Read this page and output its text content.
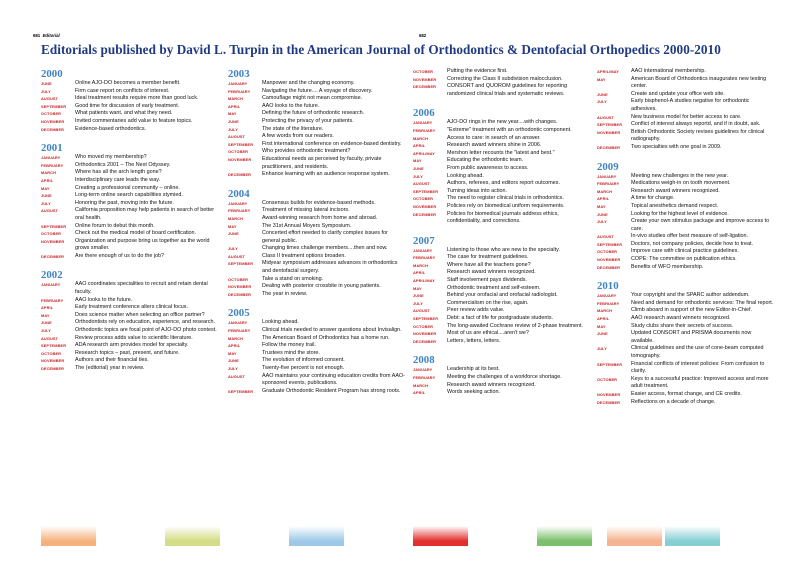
681 Editorial	682
Editorials published by David L. Turpin in the American Journal of Orthodontics & Dentofacial Orthopedics 2000-2010
2000
JUNE	Online AJO-DO becomes a member benefit.
JULY	Firm case report on conflicts of interest.
AUGUST	Ideal treatment results require more than good luck.
SEPTEMBER	Good time for discussion of early treatment.
OCTOBER	What patients want, and what they need.
NOVEMBER	Invited commentaries add value to feature topics.
DECEMBER	Evidence-based orthodontics.
2001
JANUARY	Who moved my membership?
FEBRUARY	Orthodontics 2001 – The Next Odyssey.
MARCH	Where has all the arch length gone?
APRIL	Interdisciplinary care leads the way.
MAY	Creating a professional community – online.
JUNE	Long-term online search capabilities stymied.
JULY	Honoring the past, moving into the future.
AUGUST	California proposition may help patients in search of better oral health.
SEPTEMBER	Online forum to debut this month.
OCTOBER	Check out the medical model of board certification.
NOVEMBER	Organization and purpose bring us together as the world grows smaller.
DECEMBER	Are there enough of us to do the job?
2002
JANUARY	AAO coordinates specialities to recruit and retain dental faculty.
FEBRUARY	AAO looks to the future.
APRIL	Early treatment conference alters clinical focus.
MAY	Does science matter when selecting an office partner?
JUNE	Orthodontists rely on education, experience, and research.
JULY	Orthodontic topics are focal point of AJO-DO photo contest.
AUGUST	Review process adds value to scientific literature.
SEPTEMBER	ADA research arm provides model for specialty.
OCTOBER	Research topics – past, present, and future.
NOVEMBER	Authors and their financial ties.
DECEMBER	The (editorial) year in review.
2003
JANUARY	Manpower and the changing economy.
FEBRUARY	Navigating the future.... A voyage of discovery.
MARCH	Camouflage might not mean compromise.
APRIL	AAO looks to the future.
MAY	Defining the future of orthodontic research.
JUNE	Protecting the privacy of your patients.
JULY	The state of the literature.
AUGUST	A few words from our readers.
SEPTEMBER	First international conference on evidence-based dentistry.
OCTOBER	Who provides orthodontic treatment?
NOVEMBER	Educational needs as perceived by faculty, private practitioners, and residents.
DECEMBER	Enhance learning with an audience response system.
2004
JANUARY	Consensus builds for evidence-based methods.
FEBRUARY	Treatment of missing lateral incisors.
MARCH	Award-winning research from home and abroad.
MAY	The 31st Annual Moyers Symposium.
JUNE	Concerted effort needed to clarify complex issues for general public.
JULY	Changing times challenge members....then and now.
AUGUST	Class II treatment options broaden.
SEPTEMBER	Midyear symposium addresses advances in orthodontics and dentofacial surgery.
OCTOBER	Take a stand on smoking.
NOVEMBER	Dealing with posterior crossbite in young patients.
DECEMBER	The year in review.
2005
JANUARY	Looking ahead.
FEBRUARY	Clinical trials needed to answer questions about Invisalign.
MARCH	The American Board of Orthodontics has a home run.
APRIL	Follow the money trail.
MAY	Trustees mind the store.
JUNE	The evolution of informed consent.
JULY	Twenty-five percent is not enough.
AUGUST	AAO maintains your continuing education credits from AAO-sponsored events, publications.
SEPTEMBER	Graduate Orthodontic Resident Program has strong roots.
OCTOBER	Putting the evidence first.
NOVEMBER	Correcting the Class II subdivision malocclusion.
DECEMBER	CONSORT and QUOROM guidelines for reporting randomized clinical trials and systematic reviews.
2006
JANUARY	AJO-DO rings in the new year....with changes.
FEBRUARY	"Extreme" treatment with an orthodontic component.
MARCH	Access to care: in search of an answer.
APRIL	Research award winners shine in 2006.
APRIL/MAY	Mershon letter recounts the "latest and best."
MAY	Educating the orthodontic team.
JUNE	From public awareness to access.
JULY	Looking ahead.
AUGUST	Authors, referees, and editors report outcomes.
SEPTEMBER	Turning ideas into action.
OCTOBER	The need to register clinical trials in orthodontics.
NOVEMBER	Policies rely on biomedical uniform requirements.
DECEMBER	Policies for biomedical journals address ethics, confidentiality, and corrections.
2007
JANUARY	Listening to those who are new to the specialty.
FEBRUARY	The case for treatment guidelines.
MARCH	Where have all the teachers gone?
APRIL	Research award winners recognized.
APRIL/MAY	Staff involvement pays dividends.
MAY	Orthodontic treatment and self-esteem.
JUNE	Behind your orofacial and orofacial radiologist.
JULY	Commercialism on the rise, again.
AUGUST	Peer review adds value.
SEPTEMBER	Debt: a fact of life for postgraduate students.
OCTOBER	The long-awaited Cochrane review of 2-phase treatment.
NOVEMBER	Most of us are ethical....aren't we?
DECEMBER	Letters, letters, letters.
2008
JANUARY	Leadership at its best.
FEBRUARY	Meeting the challenges of a workforce shortage.
MARCH	Research award winners recognized.
APRIL	Words seeking action.
APRIL/MAY	AAO international membership.
MAY	American Board of Orthodontics inaugurates new testing center.
JUNE	Create and update your office web site.
JULY	Early bisphenol-A studies negative for orthodontic adhesives.
AUGUST	New business model for better access to care.
SEPTEMBER	Conflict of interest always reportd, and if in doubt, ask.
NOVEMBER	British Orthodontic Society revises guidelines for clinical radiography.
DECEMBER	Two specialties with one goal in 2009.
2009
JANUARY	Meeting new challenges in the new year.
FEBRUARY	Medications weigh-in on tooth movement.
MARCH	Research award winners recognized.
APRIL	A time for change.
MAY	Topical anesthetics demand respect.
JUNE	Looking for the highest level of evidence.
JULY	Create your own stimulus package and improve access to care.
AUGUST	In-vivo studies offer best measure of self-ligation.
SEPTEMBER	Doctors, not company policies, decide how to treat.
OCTOBER	Improve care with clinical practice guidelines.
NOVEMBER	COPE: The committee on publication ethics.
DECEMBER	Benefits of WFO membership.
2010
JANUARY	Your copyright and the SPARC author addendum.
FEBRUARY	Need and demand for orthodontic services: The final report.
MARCH	Climb aboard in support of the new Editor-in-Chief.
APRIL	AAO research award winners recognized.
MAY	Study clubs share their secrets of success.
JUNE	Updated CONSORT and PRISMA documents now available.
JULY	Clinical guidelines and the use of cone-beam computed tomography.
SEPTEMBER	Financial conflicts of interest policies: From confusion to clarity.
OCTOBER	Keys to a successful practice: Improved access and more adult treatment.
NOVEMBER	Easier access, format change, and CE credits.
DECEMBER	Reflections on a decade of change.
